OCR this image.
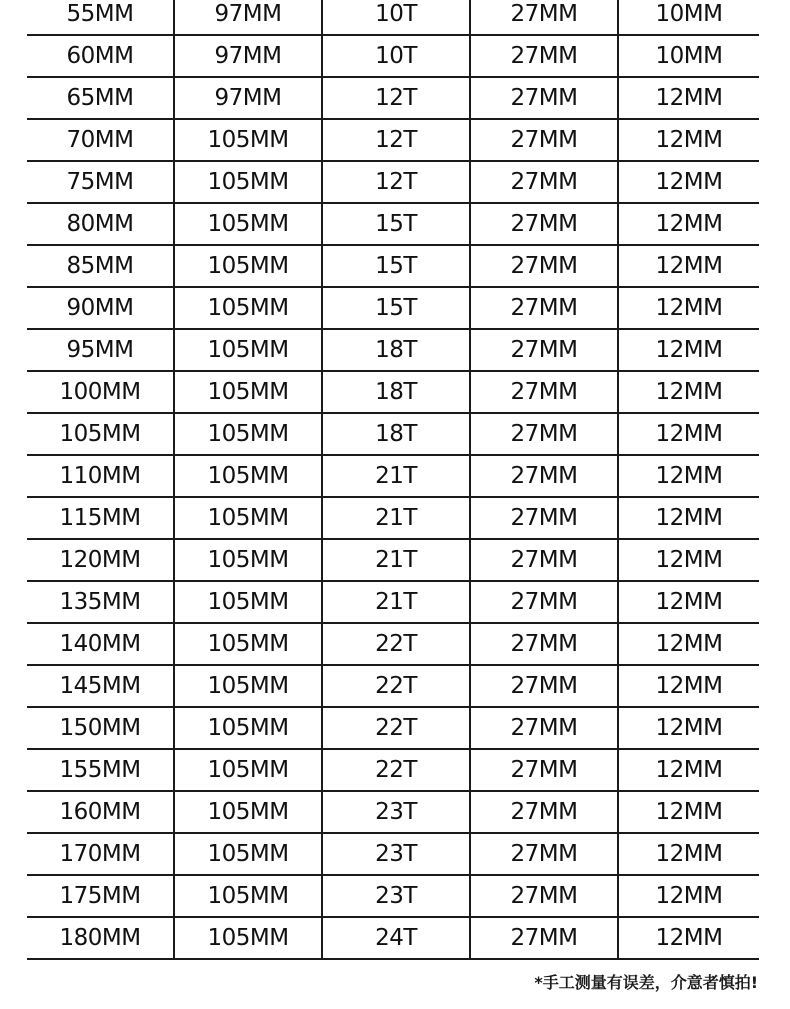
55MM	97MM	10T	27MM	10MM
60MM	97MM	10T	27MM	10MM
65MM	97MM	12T	27MM	12MM
70MM	105MM	12T	27MM	12MM
75MM	105MM	12T	27MM	12MM
80MM	105MM	15T	27MM	12MM
85MM	105MM	15T	27MM	12MM
90MM	105MM	15T	27MM	12MM
95MM	105MM	18T	27MM	12MM
100MM	105MM	18T	27MM	12MM
105MM	105MM	18T	27MM	12MM
110MM	105MM	21T	27MM	12MM
115MM	105MM	21T	27MM	12MM
120MM	105MM	21T	27MM	12MM
135MM	105MM	21T	27MM	12MM
140MM	105MM	22T	27MM	12MM
145MM	105MM	22T	27MM	12MM
150MM	105MM	22T	27MM	12MM
155MM	105MM	22T	27MM	12MM
160MM	105MM	23T	27MM	12MM
170MM	105MM	23T	27MM	12MM
175MM	105MM	23T	27MM	12MM
180MM	105MM	24T	27MM	12MM
*手工测量有误差，介意者慎拍!
